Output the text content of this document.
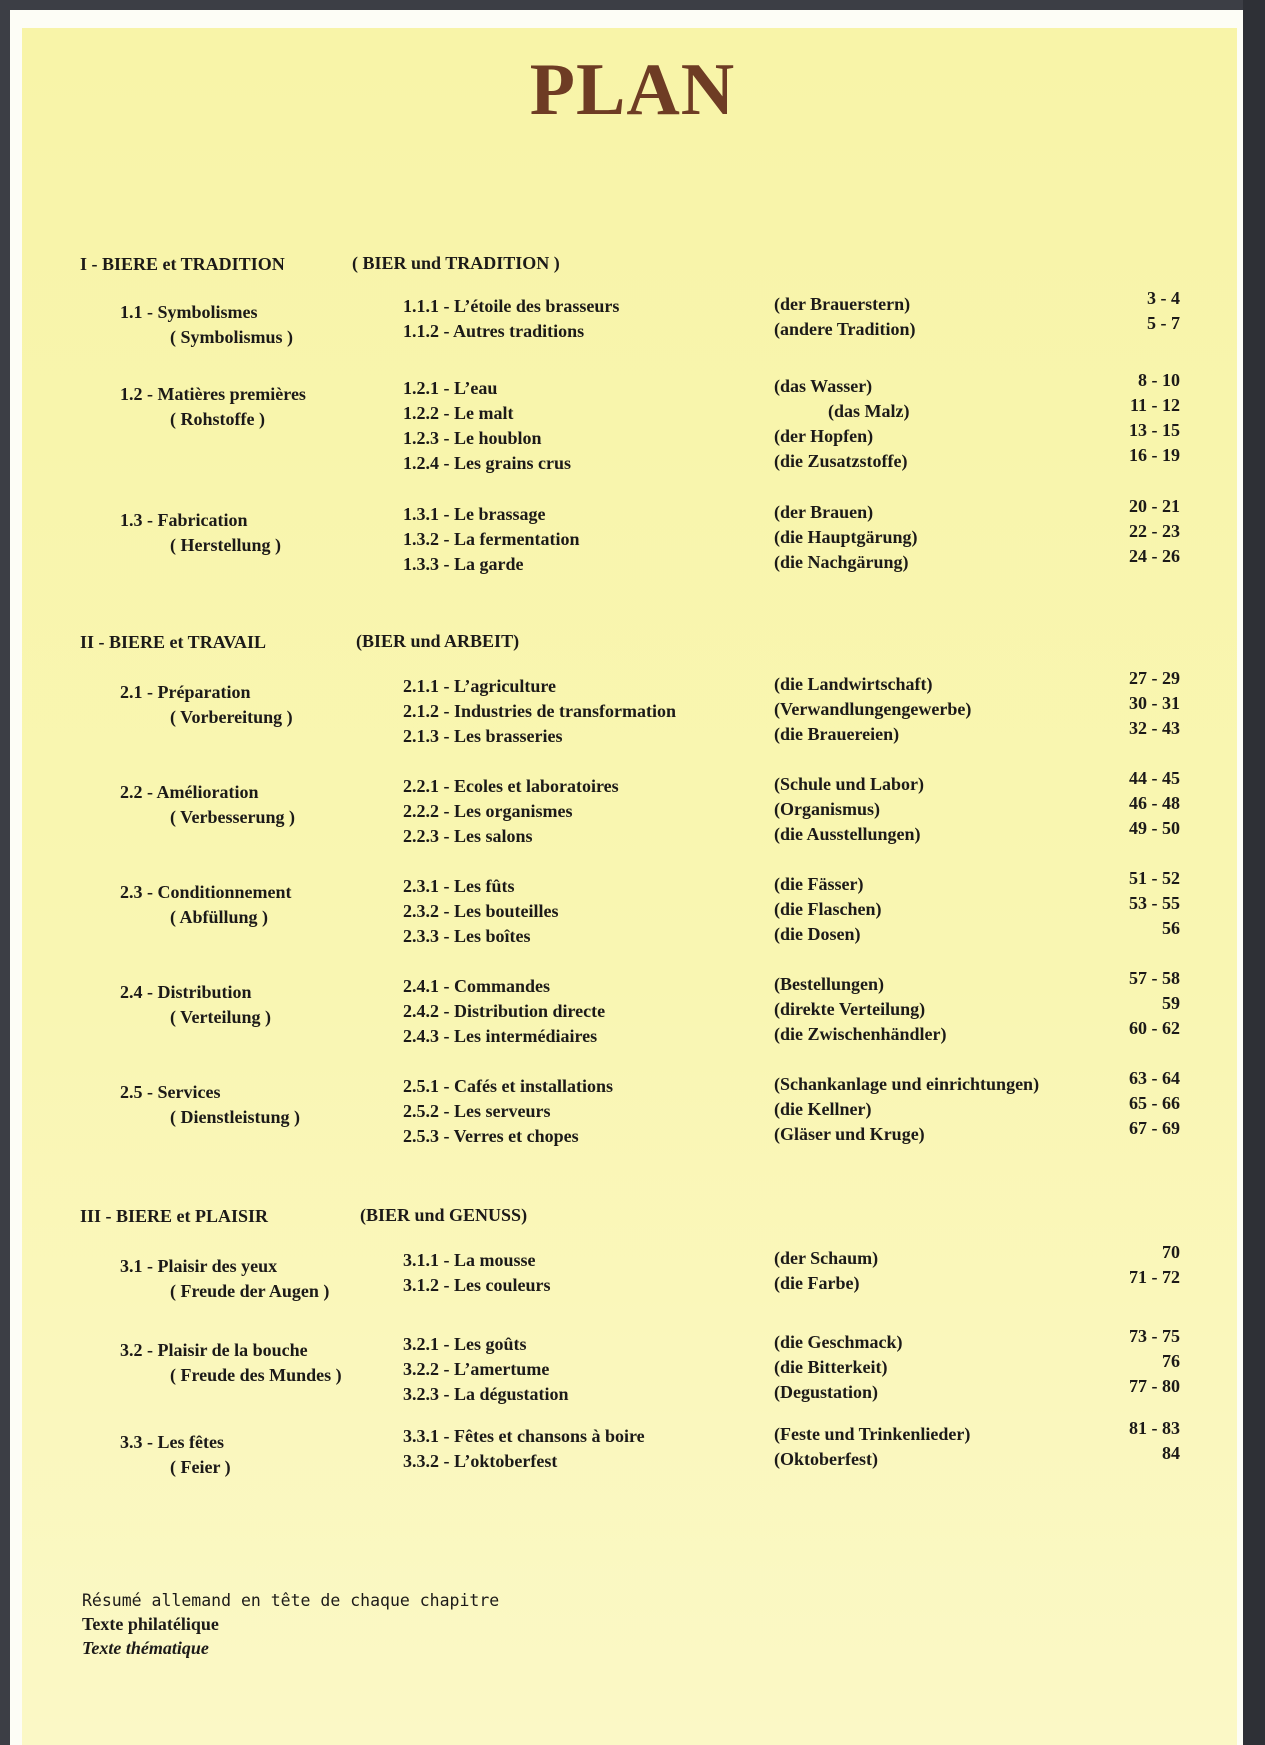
PLAN
I - BIERE et TRADITION	( BIER und TRADITION )
1.1 - Symbolismes
( Symbolismus )
1.1.1 - L’étoile des brasseurs	(der Brauerstern)	3 - 4
1.1.2 - Autres traditions	(andere Tradition)	5 - 7
1.2 - Matières premières
( Rohstoffe )
1.2.1 - L’eau	(das Wasser)	8 - 10
1.2.2 - Le malt	(das Malz)	11 - 12
1.2.3 - Le houblon	(der Hopfen)	13 - 15
1.2.4 - Les grains crus	(die Zusatzstoffe)	16 - 19
1.3 - Fabrication
( Herstellung )
1.3.1 - Le brassage	(der Brauen)	20 - 21
1.3.2 - La fermentation	(die Hauptgärung)	22 - 23
1.3.3 - La garde	(die Nachgärung)	24 - 26
II - BIERE et TRAVAIL	(BIER und ARBEIT)
2.1 - Préparation
( Vorbereitung )
2.1.1 - L’agriculture	(die Landwirtschaft)	27 - 29
2.1.2 - Industries de transformation	(Verwandlungengewerbe)	30 - 31
2.1.3 - Les brasseries	(die Brauereien)	32 - 43
2.2 - Amélioration
( Verbesserung )
2.2.1 - Ecoles et laboratoires	(Schule und Labor)	44 - 45
2.2.2 - Les organismes	(Organismus)	46 - 48
2.2.3 - Les salons	(die Ausstellungen)	49 - 50
2.3 - Conditionnement
( Abfüllung )
2.3.1 - Les fûts	(die Fässer)	51 - 52
2.3.2 - Les bouteilles	(die Flaschen)	53 - 55
2.3.3 - Les boîtes	(die Dosen)	56
2.4 - Distribution
( Verteilung )
2.4.1 - Commandes	(Bestellungen)	57 - 58
2.4.2 - Distribution directe	(direkte Verteilung)	59
2.4.3 - Les intermédiaires	(die Zwischenhändler)	60 - 62
2.5 - Services
( Dienstleistung )
2.5.1 - Cafés et installations	(Schankanlage und einrichtungen)	63 - 64
2.5.2 - Les serveurs	(die Kellner)	65 - 66
2.5.3 - Verres et chopes	(Gläser und Kruge)	67 - 69
III - BIERE et PLAISIR	(BIER und GENUSS)
3.1 - Plaisir des yeux
( Freude der Augen )
3.1.1 - La mousse	(der Schaum)	70
3.1.2 - Les couleurs	(die Farbe)	71 - 72
3.2 - Plaisir de la bouche
( Freude des Mundes )
3.2.1 - Les goûts	(die Geschmack)	73 - 75
3.2.2 - L’amertume	(die Bitterkeit)	76
3.2.3 - La dégustation	(Degustation)	77 - 80
3.3 - Les fêtes
( Feier )
3.3.1 - Fêtes et chansons à boire	(Feste und Trinkenlieder)	81 - 83
3.3.2 - L’oktoberfest	(Oktoberfest)	84
Résumé allemand en tête de chaque chapitre
Texte philatélique
Texte thématique
